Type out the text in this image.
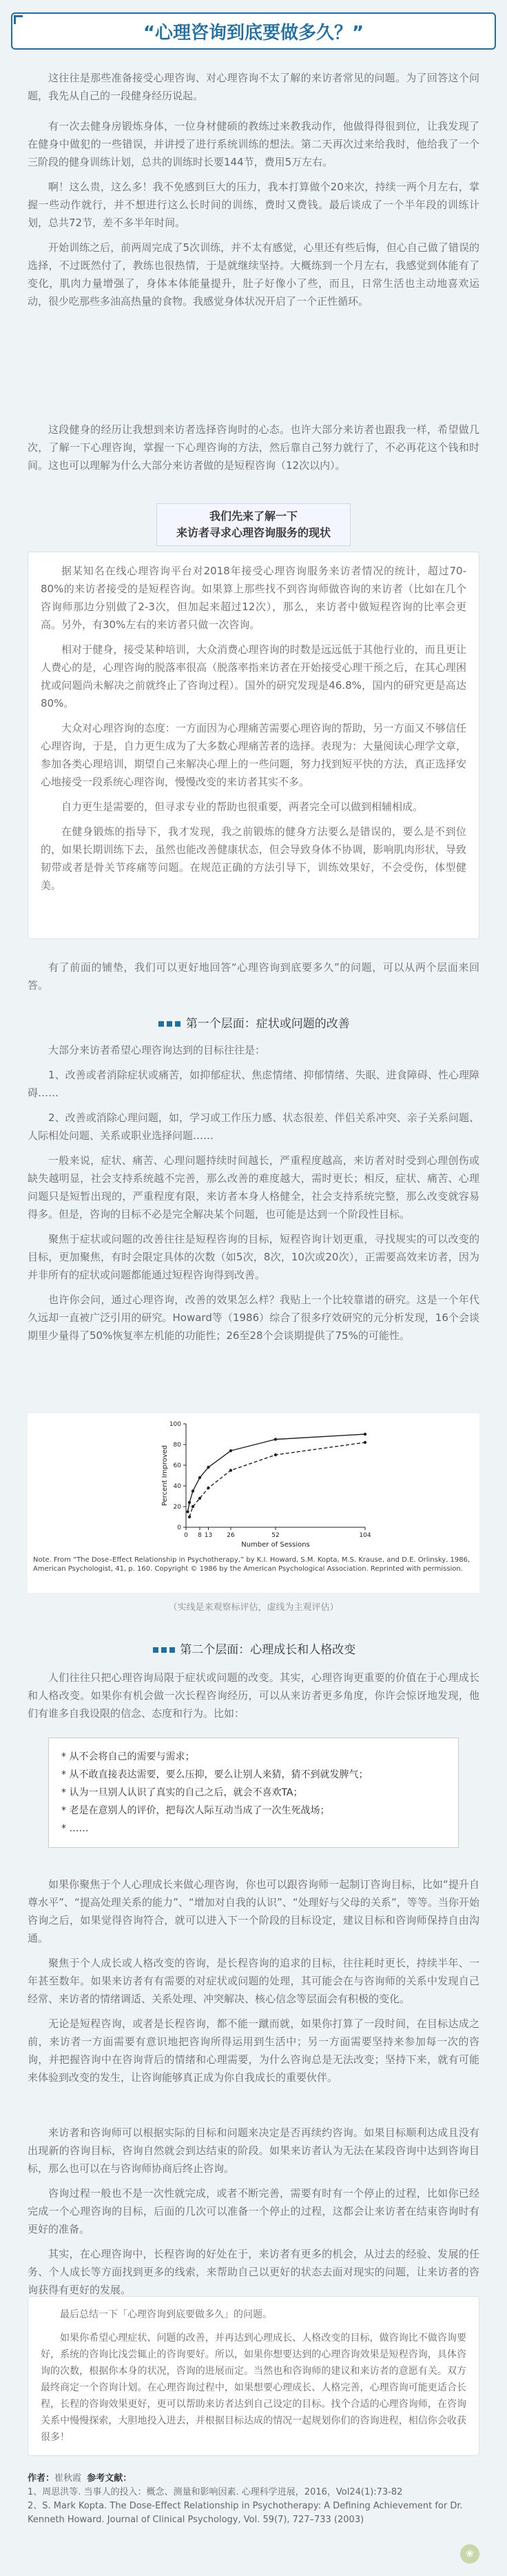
“心理咨询到底要做多久？”

这往往是那些准备接受心理咨询、对心理咨询不太了解的来访者常见的问题。为了回答这个问题，我先从自己的一段健身经历说起。

有一次去健身房锻炼身体，一位身材健硕的教练过来教我动作，他做得得很到位，让我发现了在健身中做犯的一些错误，并讲授了进行系统训练的想法。第二天再次过来给我时，他给我了一个三阶段的健身训练计划，总共的训练时长要144节，费用5万左右。

啊！这么贵，这么多！我不免感到巨大的压力，我本打算做个20来次，持续一两个月左右，掌握一些动作就行，并不想进行这么长时间的训练，费时又费钱。最后谈成了一个半年段的训练计划，总共72节，差不多半年时间。

开始训练之后，前两周完成了5次训练，并不太有感觉，心里还有些后悔，但心自己做了错误的选择，不过既然付了，教练也很热情，于是就继续坚持。大概练到一个月左右，我感觉到体能有了变化，肌肉力量增强了，身体本体能量提升，肚子好像小了些，而且，日常生活也主动地喜欢运动，很少吃那些多油高热量的食物。我感觉身体状况开启了一个正性循环。

这段健身的经历让我想到来访者选择咨询时的心态。也许大部分来访者也跟我一样，希望做几次，了解一下心理咨询，掌握一下心理咨询的方法，然后靠自己努力就行了，不必再花这个钱和时间。这也可以理解为什么大部分来访者做的是短程咨询（12次以内）。

我们先来了解一下
来访者寻求心理咨询服务的现状

据某知名在线心理咨询平台对2018年接受心理咨询服务来访者情况的统计，超过70-80%的来访者接受的是短程咨询。如果算上那些找不到咨询师做咨询的来访者（比如在几个咨询师那边分别做了2-3次，但加起来超过12次），那么，来访者中做短程咨询的比率会更高。另外，有30%左右的来访者只做一次咨询。

相对于健身，接受某种培训，大众消费心理咨询的时数是远远低于其他行业的，而且更让人费心的是，心理咨询的脱落率很高（脱落率指来访者在开始接受心理干预之后，在其心理困扰或问题尚未解决之前就终止了咨询过程）。国外的研究发现是46.8%，国内的研究更是高达80%。

大众对心理咨询的态度：一方面因为心理痛苦需要心理咨询的帮助，另一方面又不够信任心理咨询，于是，自力更生成为了大多数心理痛苦者的选择。表现为：大量阅读心理学文章，参加各类心理培训，期望自己来解决心理上的一些问题，努力找到短平快的方法，真正选择安心地接受一段系统心理咨询，慢慢改变的来访者其实不多。

自力更生是需要的，但寻求专业的帮助也很重要，两者完全可以做到相辅相成。

在健身锻炼的指导下，我才发现，我之前锻炼的健身方法要么是错误的，要么是不到位的，如果长期训练下去，虽然也能改善健康状态，但会导致身体不协调，影响肌肉形状，导致韧带或者是骨关节疼痛等问题。在规范正确的方法引导下，训练效果好，不会受伤，体型健美。

有了前面的铺垫，我们可以更好地回答“心理咨询到底要多久”的问题，可以从两个层面来回答。

第一个层面：症状或问题的改善

大部分来访者希望心理咨询达到的目标往往是：

1、改善或者消除症状或痛苦，如抑郁症状、焦虑情绪、抑郁情绪、失眠、进食障碍、性心理障碍……

2、改善或消除心理问题，如，学习或工作压力感、状态很差、伴侣关系冲突、亲子关系问题、人际相处问题、关系或职业选择问题……

一般来说，症状、痛苦、心理问题持续时间越长，严重程度越高，来访者对时受到心理创伤或缺失越明显，社会支持系统越不完善，那么改善的难度越大，需时更长；相反，症状、痛苦、心理问题只是短暂出现的，严重程度有限，来访者本身人格健全，社会支持系统完整，那么改变就容易得多。但是，咨询的目标不必是完全解决某个问题，也可能是达到一个阶段性目标。

聚焦于症状或问题的改善往往是短程咨询的目标，短程咨询计划更重，寻找规实的可以改变的目标，更加聚焦，有时会限定具体的次数（如5次，8次，10次或20次），正需要高效来访者，因为并非所有的症状或问题都能通过短程咨询得到改善。

也许你会问，通过心理咨询，改善的效果怎么样？我贴上一个比较靠谱的研究。这是一个年代久远却一直被广泛引用的研究。Howard等（1986）综合了很多疗效研究的元分析发现，16个会谈期里少量得了50%恢复率左机能的功能性；26至28个会谈期提供了75%的可能性。

0
20
40
60
80
100
0 8 13 26	52	104
Percent Improved
Number of Sessions
Note. From “The Dose–Effect Relationship in Psychotherapy,” by K.I. Howard, S.M. Kopta, M.S. Krause, and D.E. Orlinsky, 1986, American Psychologist, 41, p. 160. Copyright © 1986 by the American Psychological Association. Reprinted with permission.
（实线是来观察标评估，虚线为主观评估）
第二个层面：心理成长和人格改变

人们往往只把心理咨询局限于症状或问题的改变。其实，心理咨询更重要的价值在于心理成长和人格改变。如果你有机会做一次长程咨询经历，可以从来访者更多角度，你许会惊讶地发现，他们有谁多自我设限的信念、态度和行为。比如：

* 从不会将自己的需要与需求；
* 从不敢直接表达需要，要么压抑，要么让别人来猜，猜不到就发脾气；
* 认为一旦别人认识了真实的自己之后，就会不喜欢TA；
* 老是在意别人的评价，把每次人际互动当成了一次生死战场；
* ……

如果你聚焦于个人心理成长来做心理咨询，你也可以跟咨询师一起制订咨询目标，比如“提升自尊水平”、“提高处理关系的能力”、“增加对自我的认识”、“处理好与父母的关系”，等等。当你开始咨询之后，如果觉得咨询符合，就可以进入下一个阶段的目标设定，建议目标和咨询师保持自由沟通。

聚焦于个人成长或人格改变的咨询，是长程咨询的追求的目标，往往耗时更长，持续半年、一年甚至数年。如果来访者有有需要的对症状或问题的处理，其可能会在与咨询师的关系中发现自己经常、来访者的情绪调适、关系处理、冲突解决、核心信念等层面会有积极的变化。

无论是短程咨询，或者是长程咨询，都不能一蹴而就，如果你打算了一段时间，在目标达成之前，来访者一方面需要有意识地把咨询所得运用到生活中；另一方面需要坚持来参加每一次的咨询，并把握咨询中在咨询背后的情绪和心理需要，为什么咨询总是无法改变；坚持下来，就有可能来体验到改变的发生，让咨询能够真正成为你自我成长的重要伙伴。

来访者和咨询师可以根据实际的目标和问题来决定是否再续约咨询。如果目标顺利达成且没有出现新的咨询目标，咨询自然就会到达结束的阶段。如果来访者认为无法在某段咨询中达到咨询目标，那么也可以在与咨询师协商后终止咨询。

咨询过程一般也不是一次性就完成，或者不断完善，需要有时有一个停止的过程，比如你已经完成一个心理咨询的目标，后面的几次可以准备一个停止的过程，这都会让来访者在结束咨询时有更好的准备。

其实，在心理咨询中，长程咨询的好处在于，来访者有更多的机会，从过去的经验、发展的任务、个人成长等方面找到更多的线索，来帮助自己以更好的状态去面对现实的问题，让来访者的咨询获得有更好的发展。

最后总结一下「心理咨询到底要做多久」的问题。

如果你希望心理症状、问题的改善，并再达到心理成长、人格改变的目标，做咨询比不做咨询要好，系统的咨询比浅尝辄止的咨询要好。所以，如果你想要达到的心理咨询效果是短程咨询，具体咨询的次数，根据你本身的状况，咨询的进展而定。当然也和咨询师的建议和来访者的意愿有关。双方最终商定一个咨询计划。在心理咨询过程中，如果想要心理成长、人格完善，心理咨询可能更适合长程，长程的咨询效果更好，更可以帮助来访者达到自己设定的目标。找个合适的心理咨询师，在咨询关系中慢慢探索，大胆地投入进去，并根据目标达成的情况一起规划你们的咨询进程，相信你会收获很多！

作者：崔秋霞 参考文献：
1、周思洪等. 当事人的投入：概念、测量和影响因素. 心理科学进展，2016，Vol24(1):73-82
2、S. Mark Kopta. The Dose-Effect Relationship in Psychotherapy: A Defining Achievement for Dr. Kenneth Howard. Journal of Clinical Psychology, Vol. 59(7), 727–733 (2003)
❀
